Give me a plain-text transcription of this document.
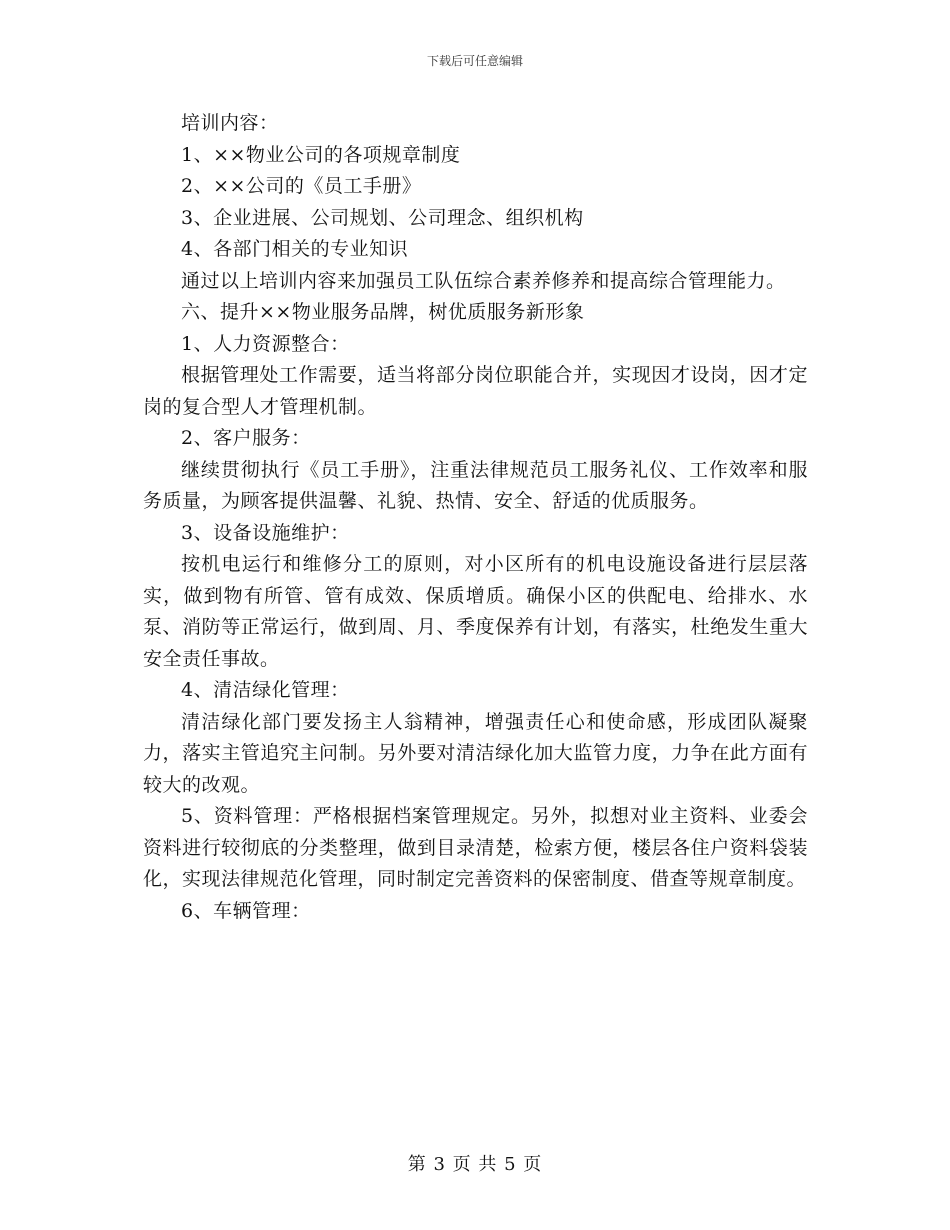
下载后可任意编辑

培训内容：

1、××物业公司的各项规章制度

2、××公司的《员工手册》

3、企业进展、公司规划、公司理念、组织机构

4、各部门相关的专业知识

通过以上培训内容来加强员工队伍综合素养修养和提高综合管理能力。

六、提升××物业服务品牌，树优质服务新形象

1、人力资源整合：

根据管理处工作需要，适当将部分岗位职能合并，实现因才设岗，因才定岗的复合型人才管理机制。

2、客户服务：

继续贯彻执行《员工手册》，注重法律规范员工服务礼仪、工作效率和服务质量，为顾客提供温馨、礼貌、热情、安全、舒适的优质服务。

3、设备设施维护：

按机电运行和维修分工的原则，对小区所有的机电设施设备进行层层落实，做到物有所管、管有成效、保质增质。确保小区的供配电、给排水、水泵、消防等正常运行，做到周、月、季度保养有计划，有落实，杜绝发生重大安全责任事故。

4、清洁绿化管理：

清洁绿化部门要发扬主人翁精神，增强责任心和使命感，形成团队凝聚力，落实主管追究主问制。另外要对清洁绿化加大监管力度，力争在此方面有较大的改观。

5、资料管理：严格根据档案管理规定。另外，拟想对业主资料、业委会资料进行较彻底的分类整理，做到目录清楚，检索方便，楼层各住户资料袋装化，实现法律规范化管理，同时制定完善资料的保密制度、借查等规章制度。

6、车辆管理：

第 3 页 共 5 页
